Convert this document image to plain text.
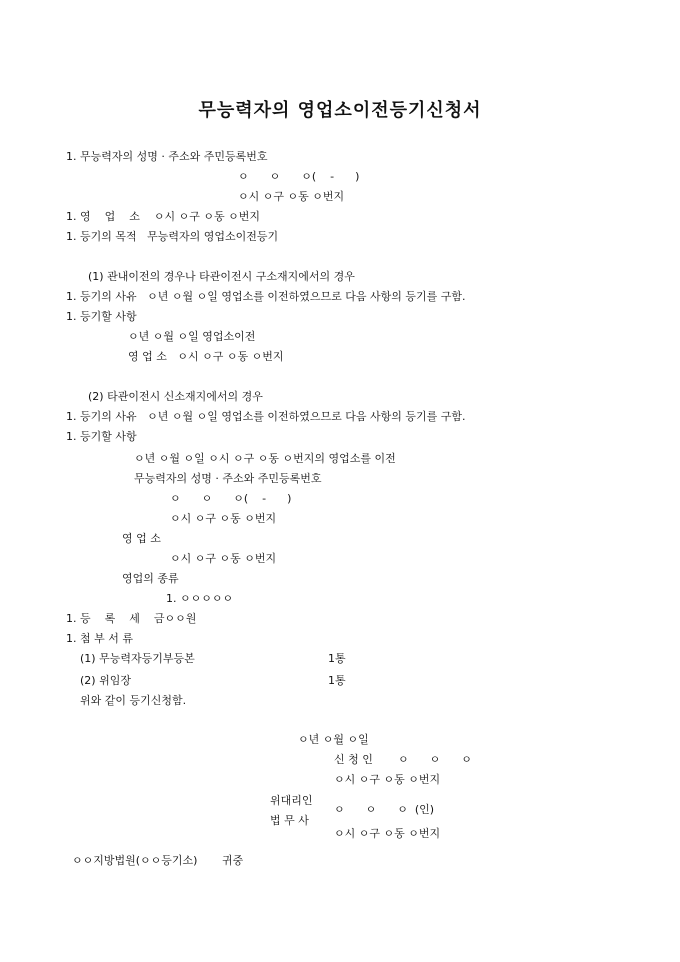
무능력자의 영업소이전등기신청서
1. 무능력자의 성명 · 주소와 주민등록번호
ㅇ      ㅇ      ㅇ(    -      )
ㅇ시 ㅇ구 ㅇ동 ㅇ번지
1. 영    업    소    ㅇ시 ㅇ구 ㅇ동 ㅇ번지
1. 등기의 목적   무능력자의 영업소이전등기
(1) 관내이전의 경우나 타관이전시 구소재지에서의 경우
1. 등기의 사유   ㅇ년 ㅇ월 ㅇ일 영업소를 이전하였으므로 다음 사항의 등기를 구함.
1. 등기할 사항
ㅇ년 ㅇ월 ㅇ일 영업소이전
영 업 소   ㅇ시 ㅇ구 ㅇ동 ㅇ번지
(2) 타관이전시 신소재지에서의 경우
1. 등기의 사유   ㅇ년 ㅇ월 ㅇ일 영업소를 이전하였으므로 다음 사항의 등기를 구함.
1. 등기할 사항
ㅇ년 ㅇ월 ㅇ일 ㅇ시 ㅇ구 ㅇ동 ㅇ번지의 영업소를 이전
무능력자의 성명 · 주소와 주민등록번호
ㅇ      ㅇ      ㅇ(    -      )
ㅇ시 ㅇ구 ㅇ동 ㅇ번지
영 업 소
ㅇ시 ㅇ구 ㅇ동 ㅇ번지
영업의 종류
1. ㅇㅇㅇㅇㅇ
1. 등    록    세    금ㅇㅇ원
1. 첨 부 서 류
(1) 무능력자등기부등본	1통
(2) 위임장	1통
위와 같이 등기신청함.
ㅇ년 ㅇ월 ㅇ일
신 청 인 ㅇ      ㅇ      ㅇ
ㅇ시 ㅇ구 ㅇ동 ㅇ번지
위대리인
ㅇ      ㅇ      ㅇ  (인)
법 무 사
ㅇ시 ㅇ구 ㅇ동 ㅇ번지
ㅇㅇ지방법원(ㅇㅇ등기소)       귀중
